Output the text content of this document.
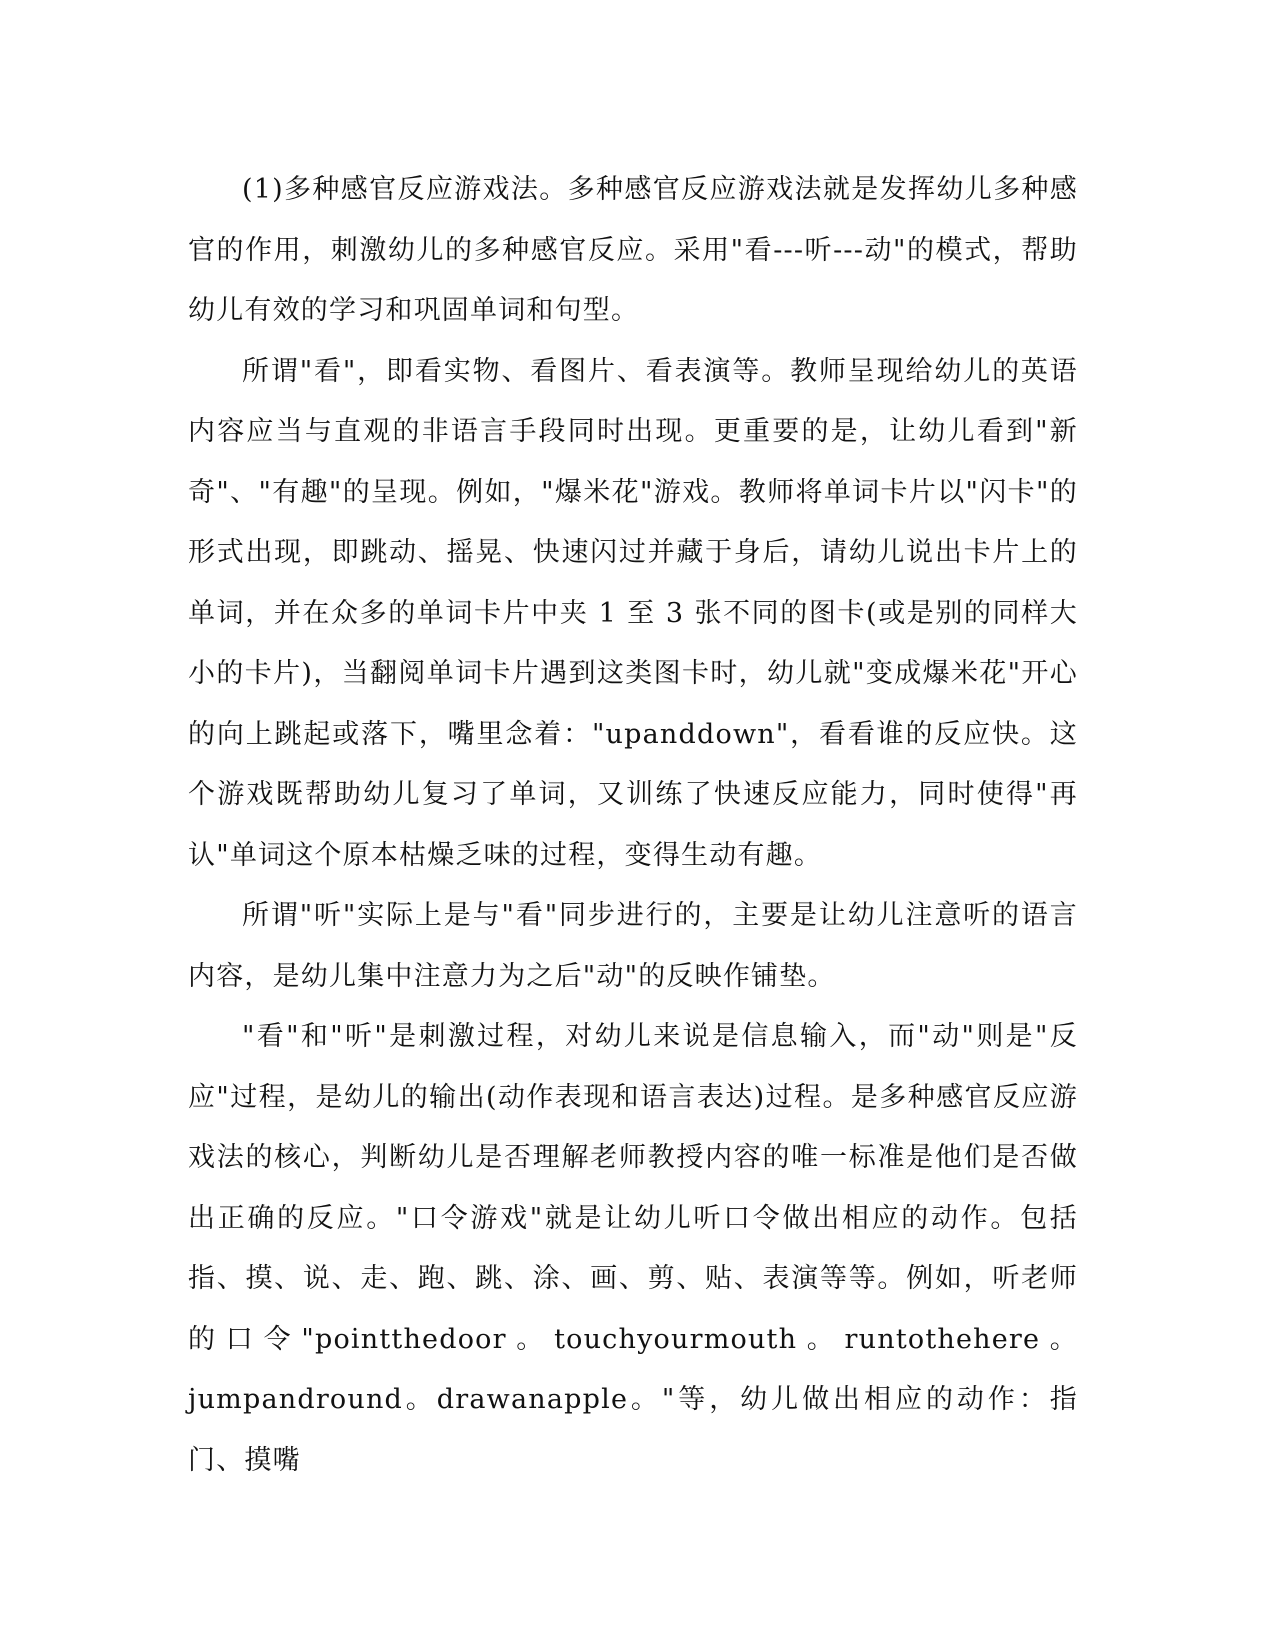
(1)多种感官反应游戏法。多种感官反应游戏法就是发挥幼儿多种感官的作用，刺激幼儿的多种感官反应。采用"看---听---动"的模式，帮助幼儿有效的学习和巩固单词和句型。

所谓"看"，即看实物、看图片、看表演等。教师呈现给幼儿的英语内容应当与直观的非语言手段同时出现。更重要的是，让幼儿看到"新奇"、"有趣"的呈现。例如，"爆米花"游戏。教师将单词卡片以"闪卡"的形式出现，即跳动、摇晃、快速闪过并藏于身后，请幼儿说出卡片上的单词，并在众多的单词卡片中夹 1 至 3 张不同的图卡(或是别的同样大小的卡片)，当翻阅单词卡片遇到这类图卡时，幼儿就"变成爆米花"开心的向上跳起或落下，嘴里念着："upanddown"，看看谁的反应快。这个游戏既帮助幼儿复习了单词，又训练了快速反应能力，同时使得"再认"单词这个原本枯燥乏味的过程，变得生动有趣。

所谓"听"实际上是与"看"同步进行的，主要是让幼儿注意听的语言内容，是幼儿集中注意力为之后"动"的反映作铺垫。

"看"和"听"是刺激过程，对幼儿来说是信息输入，而"动"则是"反应"过程，是幼儿的输出(动作表现和语言表达)过程。是多种感官反应游戏法的核心，判断幼儿是否理解老师教授内容的唯一标准是他们是否做出正确的反应。"口令游戏"就是让幼儿听口令做出相应的动作。包括指、摸、说、走、跑、跳、涂、画、剪、贴、表演等等。例如，听老师的口令"pointthedoor。touchyourmouth。runtothehere。jumpandround。drawanapple。"等，幼儿做出相应的动作：指门、摸嘴
